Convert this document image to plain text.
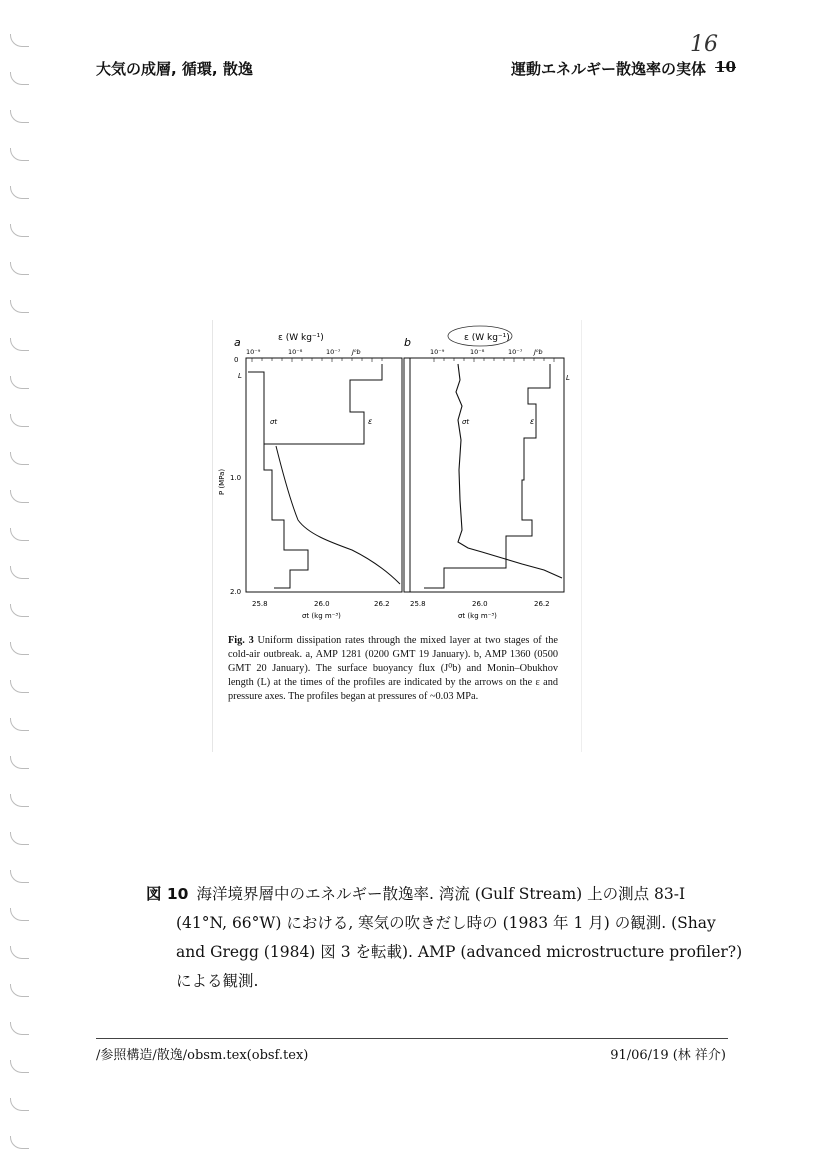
大気の成層, 循環, 散逸	運動エネルギー散逸率の実体 10
16
a	b
ε (W kg⁻¹)	ε (W kg⁻¹)
10⁻⁹	10⁻⁸	10⁻⁷	J⁰b	10⁻⁹	10⁻⁸	10⁻⁷	J⁰b
0
1.0
2.0
P (MPa)
L	L
σt	ε	σt	ε
25.8	26.0	26.2	25.8	26.0	26.2
σt (kg m⁻³)	σt (kg m⁻³)
Fig. 3 Uniform dissipation rates through the mixed layer at two stages of the cold-air outbreak. a, AMP 1281 (0200 GMT 19 January). b, AMP 1360 (0500 GMT 20 January). The surface buoyancy flux (J⁰b) and Monin–Obukhov length (L) at the times of the profiles are indicated by the arrows on the ε and pressure axes. The profiles began at pressures of ~0.03 MPa.
図 10 海洋境界層中のエネルギー散逸率. 湾流 (Gulf Stream) 上の測点 83-I
(41°N, 66°W) における, 寒気の吹きだし時の (1983 年 1 月) の観測. (Shay
and Gregg (1984) 図 3 を転載). AMP (advanced microstructure profiler?)
による観測.
/参照構造/散逸/obsm.tex(obsf.tex)	91/06/19 (林 祥介)
